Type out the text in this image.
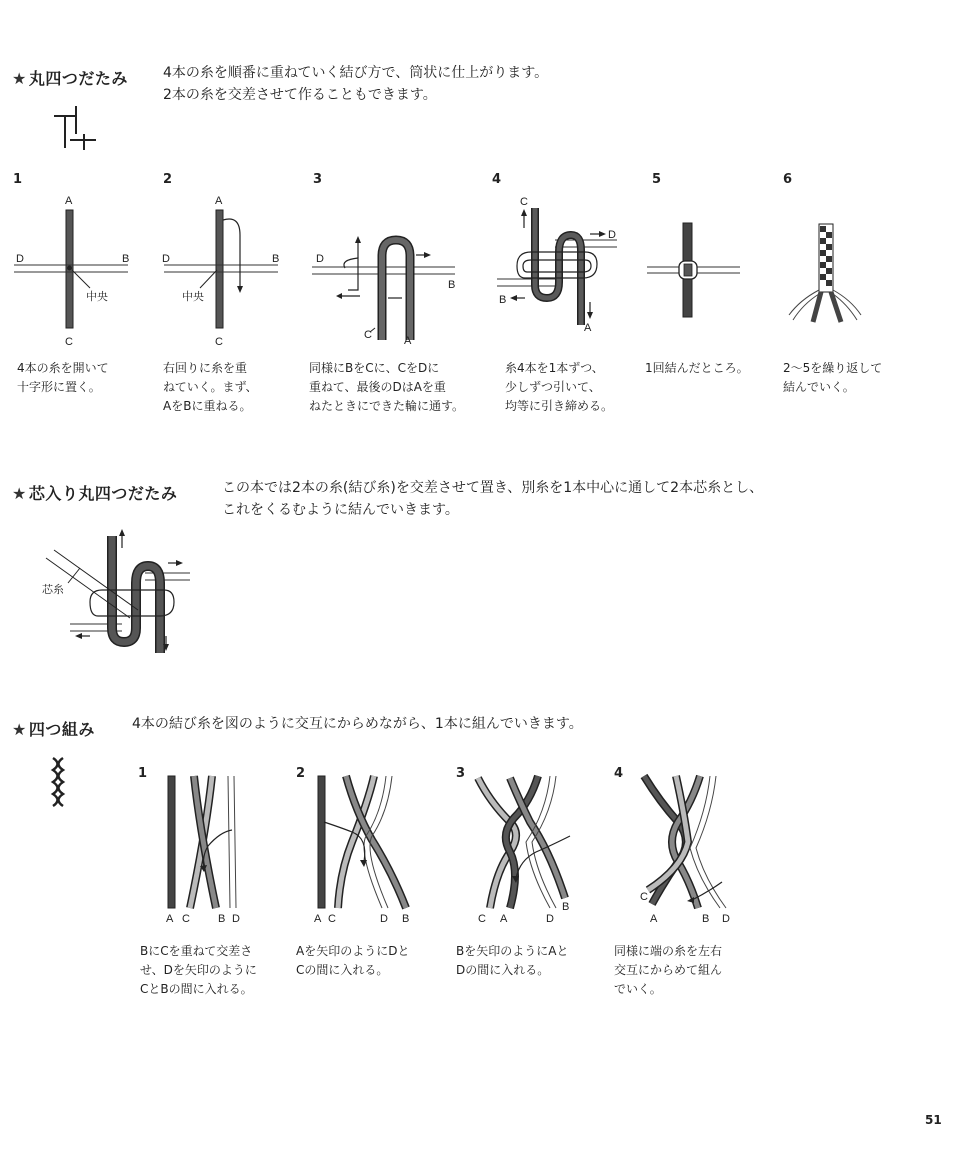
★ 丸四つだたみ	4本の糸を順番に重ねていく結び方で、筒状に仕上がります。
2本の糸を交差させて作ることもできます。
1	2	3	4	5	6
A
B
C
D
中央
A
B
C
D
中央
D
B
C	A
C
D
B
A
4本の糸を開いて
十字形に置く。
右回りに糸を重
ねていく。まず、
AをBに重ねる。
同様にBをCに、CをDに
重ねて、最後のDはAを重
ねたときにできた輪に通す。
糸4本を1本ずつ、
少しずつ引いて、
均等に引き締める。
1回結んだところ。	2～5を繰り返して
結んでいく。
★ 芯入り丸四つだたみ	この本では2本の糸(結び糸)を交差させて置き、別糸を1本中心に通して2本芯糸とし、
これをくるむように結んでいきます。
芯糸
★ 四つ組み	4本の結び糸を図のように交互にからめながら、1本に組んでいきます。
1	2	3	4
A C	B D	A C	D B	C A	D
B
C
A	B D
BにCを重ねて交差さ
せ、Dを矢印のように
CとBの間に入れる。
Aを矢印のようにDと
Cの間に入れる。
Bを矢印のようにAと
Dの間に入れる。
同様に端の糸を左右
交互にからめて組ん
でいく。
51
